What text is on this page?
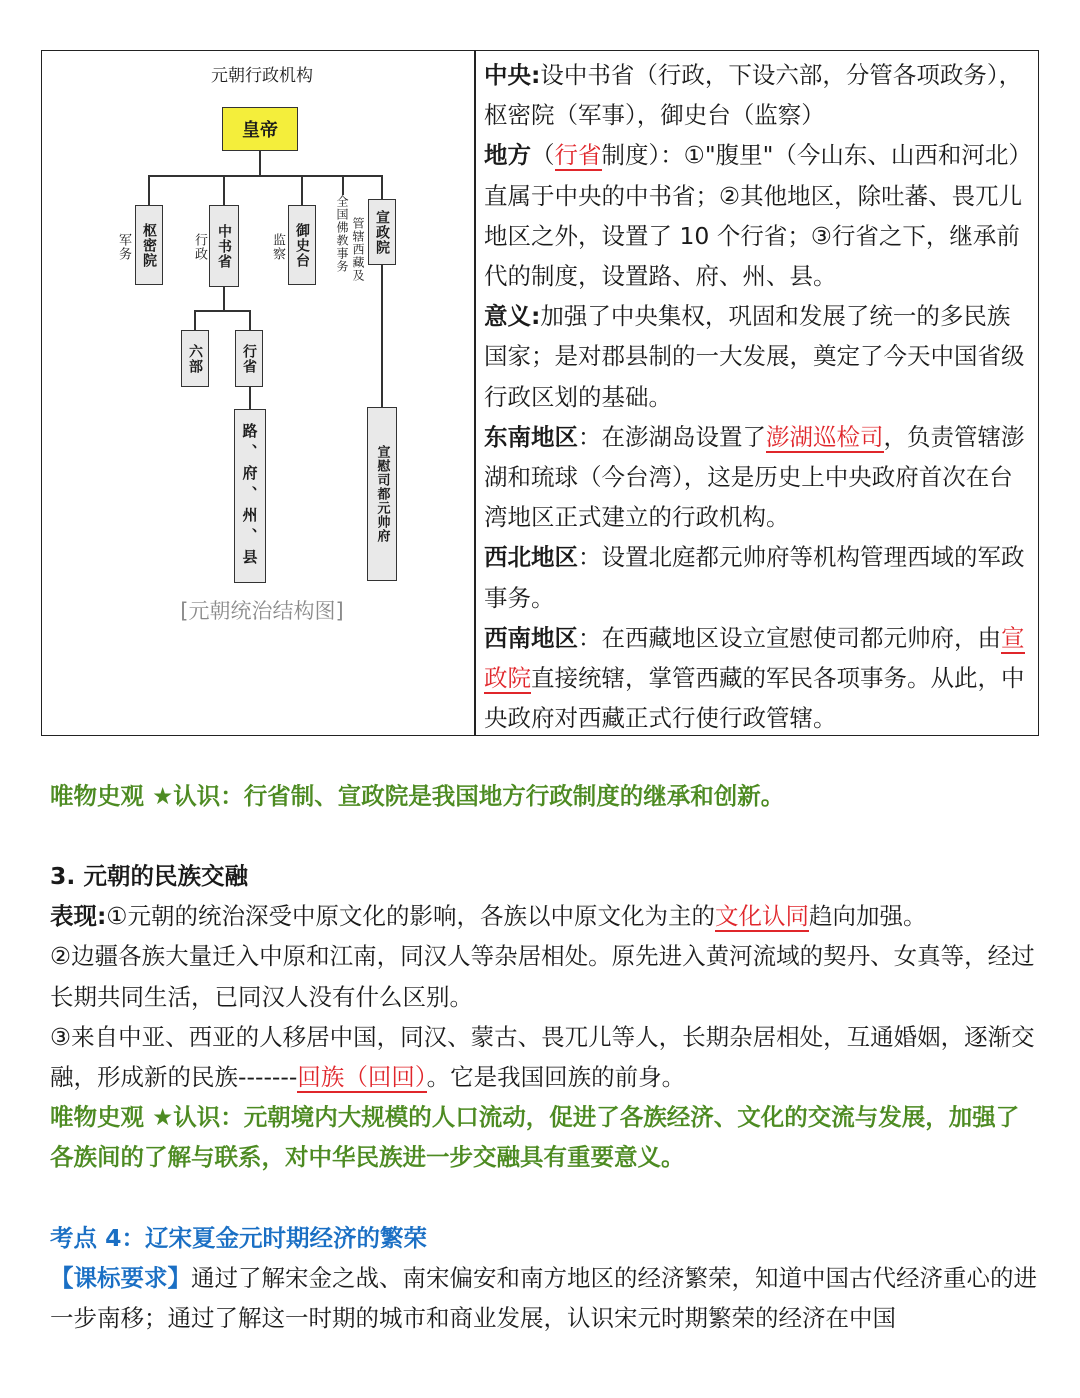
元朝行政机构
皇帝
军务	行政	监察	全国佛教事务 管辖西藏及
枢密院	中书省	御史台	宣政院
六部	行省
路、府、州、县	宣慰司都元帅府
[元朝统治结构图]

中央:设中书省（行政，下设六部，分管各项政务），枢密院（军事），御史台（监察）

地方（行省制度）：①"腹里"（今山东、山西和河北）直属于中央的中书省；②其他地区，除吐蕃、畏兀儿地区之外，设置了 10 个行省；③行省之下，继承前代的制度，设置路、府、州、县。

意义:加强了中央集权，巩固和发展了统一的多民族国家；是对郡县制的一大发展，奠定了今天中国省级行政区划的基础。

东南地区：在澎湖岛设置了澎湖巡检司，负责管辖澎湖和琉球（今台湾），这是历史上中央政府首次在台湾地区正式建立的行政机构。

西北地区：设置北庭都元帅府等机构管理西域的军政事务。

西南地区：在西藏地区设立宣慰使司都元帅府，由宣政院直接统辖，掌管西藏的军民各项事务。从此，中央政府对西藏正式行使行政管辖。

唯物史观 ★认识：行省制、宣政院是我国地方行政制度的继承和创新。

3. 元朝的民族交融

表现:①元朝的统治深受中原文化的影响，各族以中原文化为主的文化认同趋向加强。

②边疆各族大量迁入中原和江南，同汉人等杂居相处。原先进入黄河流域的契丹、女真等，经过长期共同生活，已同汉人没有什么区别。

③来自中亚、西亚的人移居中国，同汉、蒙古、畏兀儿等人，长期杂居相处，互通婚姻，逐渐交融，形成新的民族-------回族（回回）。它是我国回族的前身。

唯物史观 ★认识：元朝境内大规模的人口流动，促进了各族经济、文化的交流与发展，加强了各族间的了解与联系，对中华民族进一步交融具有重要意义。

考点 4：辽宋夏金元时期经济的繁荣

【课标要求】通过了解宋金之战、南宋偏安和南方地区的经济繁荣，知道中国古代经济重心的进一步南移；通过了解这一时期的城市和商业发展，认识宋元时期繁荣的经济在中国
